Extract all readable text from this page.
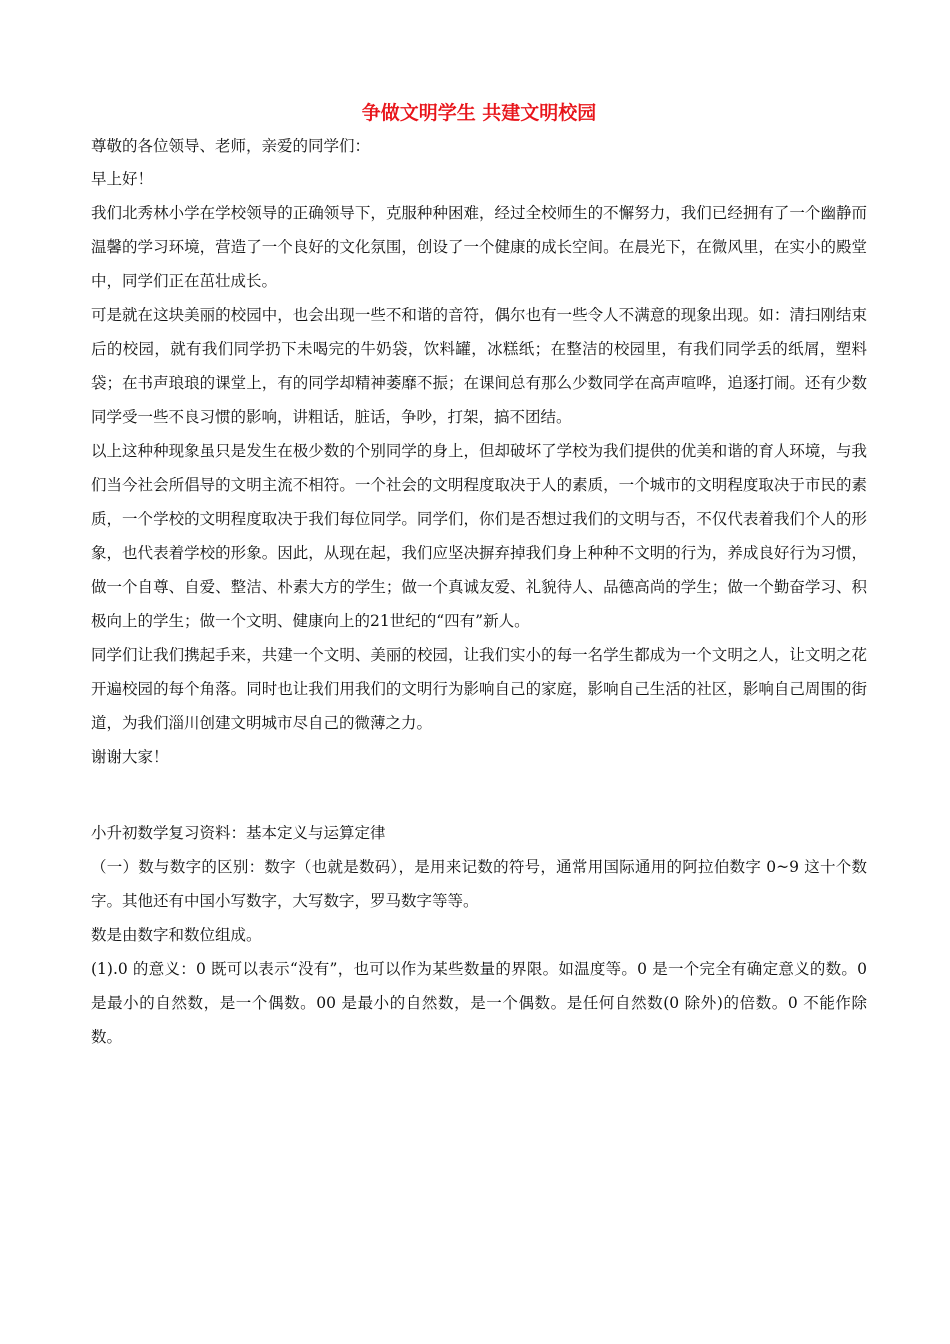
争做文明学生 共建文明校园

尊敬的各位领导、老师，亲爱的同学们：

早上好！

我们北秀林小学在学校领导的正确领导下，克服种种困难，经过全校师生的不懈努力，我们已经拥有了一个幽静而温馨的学习环境，营造了一个良好的文化氛围，创设了一个健康的成长空间。在晨光下，在微风里，在实小的殿堂中，同学们正在茁壮成长。

可是就在这块美丽的校园中，也会出现一些不和谐的音符，偶尔也有一些令人不满意的现象出现。如：清扫刚结束后的校园，就有我们同学扔下未喝完的牛奶袋，饮料罐，冰糕纸；在整洁的校园里，有我们同学丢的纸屑，塑料袋；在书声琅琅的课堂上，有的同学却精神萎靡不振；在课间总有那么少数同学在高声喧哗，追逐打闹。还有少数同学受一些不良习惯的影响，讲粗话，脏话，争吵，打架，搞不团结。

以上这种种现象虽只是发生在极少数的个别同学的身上，但却破坏了学校为我们提供的优美和谐的育人环境，与我们当今社会所倡导的文明主流不相符。一个社会的文明程度取决于人的素质，一个城市的文明程度取决于市民的素质，一个学校的文明程度取决于我们每位同学。同学们，你们是否想过我们的文明与否，不仅代表着我们个人的形象，也代表着学校的形象。因此，从现在起，我们应坚决摒弃掉我们身上种种不文明的行为，养成良好行为习惯，做一个自尊、自爱、整洁、朴素大方的学生；做一个真诚友爱、礼貌待人、品德高尚的学生；做一个勤奋学习、积极向上的学生；做一个文明、健康向上的21世纪的“四有”新人。

同学们让我们携起手来，共建一个文明、美丽的校园，让我们实小的每一名学生都成为一个文明之人，让文明之花开遍校园的每个角落。同时也让我们用我们的文明行为影响自己的家庭，影响自己生活的社区，影响自己周围的街道，为我们淄川创建文明城市尽自己的微薄之力。

谢谢大家！

小升初数学复习资料：基本定义与运算定律

（一）数与数字的区别：数字（也就是数码），是用来记数的符号，通常用国际通用的阿拉伯数字 0~9 这十个数字。其他还有中国小写数字，大写数字，罗马数字等等。

数是由数字和数位组成。

(1).0 的意义：0 既可以表示“没有”，也可以作为某些数量的界限。如温度等。0 是一个完全有确定意义的数。0 是最小的自然数，是一个偶数。00 是最小的自然数，是一个偶数。是任何自然数(0 除外)的倍数。0 不能作除数。
